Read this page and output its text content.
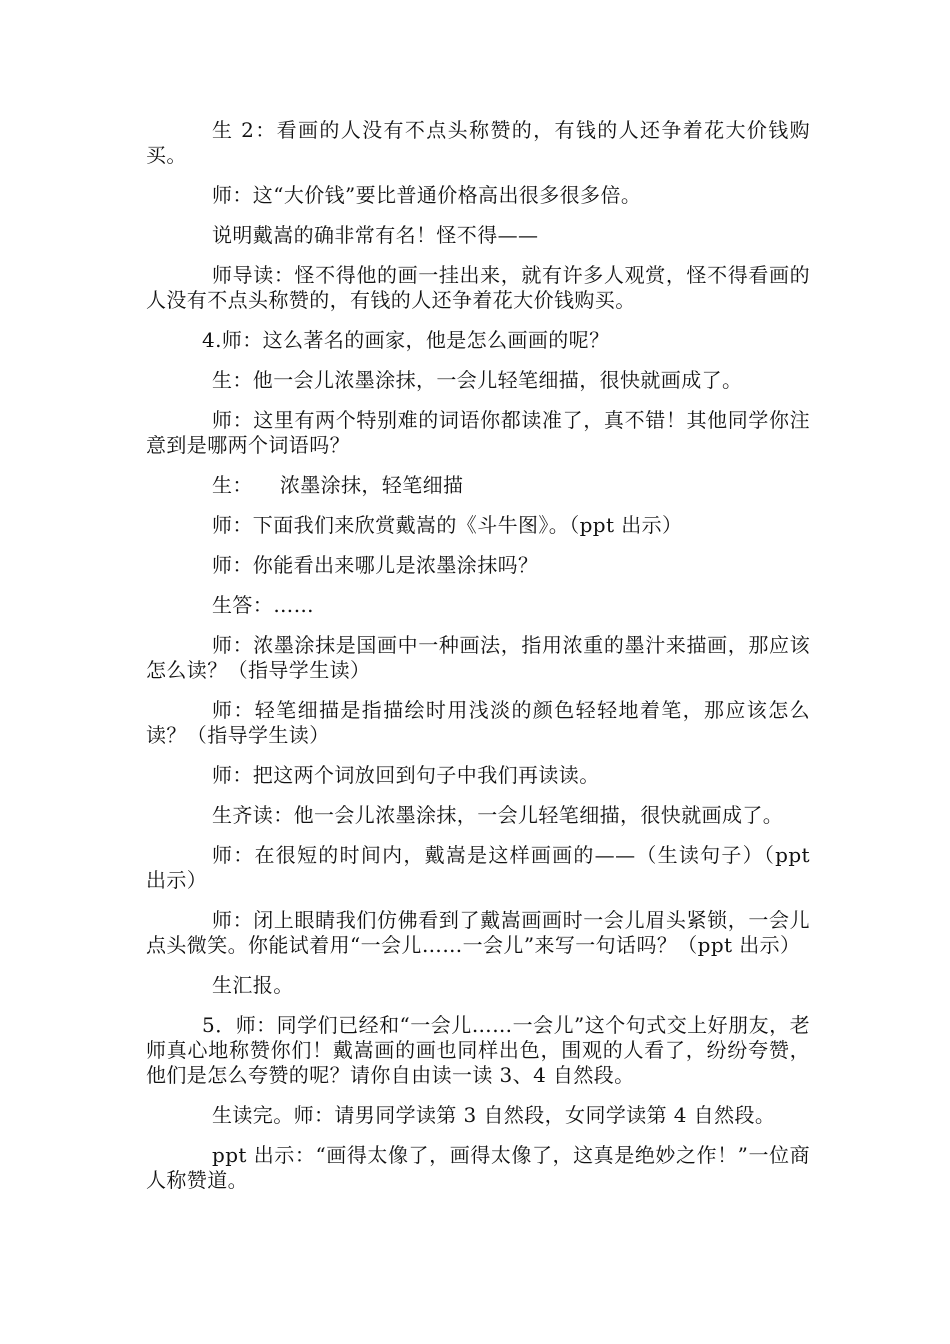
生 2：看画的人没有不点头称赞的，有钱的人还争着花大价钱购买。

师：这“大价钱”要比普通价格高出很多很多倍。

说明戴嵩的确非常有名！怪不得——

师导读：怪不得他的画一挂出来，就有许多人观赏，怪不得看画的人没有不点头称赞的，有钱的人还争着花大价钱购买。

4.师：这么著名的画家，他是怎么画画的呢？

生：他一会儿浓墨涂抹，一会儿轻笔细描，很快就画成了。

师：这里有两个特别难的词语你都读准了，真不错！其他同学你注意到是哪两个词语吗？

生：    浓墨涂抹，轻笔细描

师：下面我们来欣赏戴嵩的《斗牛图》。（ppt 出示）

师：你能看出来哪儿是浓墨涂抹吗？

生答：……

师：浓墨涂抹是国画中一种画法，指用浓重的墨汁来描画，那应该怎么读？（指导学生读）

师：轻笔细描是指描绘时用浅淡的颜色轻轻地着笔，那应该怎么读？（指导学生读）

师：把这两个词放回到句子中我们再读读。

生齐读：他一会儿浓墨涂抹，一会儿轻笔细描，很快就画成了。

师：在很短的时间内，戴嵩是这样画画的——（生读句子）（ppt 出示）

师：闭上眼睛我们仿佛看到了戴嵩画画时一会儿眉头紧锁，一会儿点头微笑。你能试着用“一会儿……一会儿”来写一句话吗？（ppt 出示）

生汇报。

5．师：同学们已经和“一会儿……一会儿”这个句式交上好朋友，老师真心地称赞你们！戴嵩画的画也同样出色，围观的人看了，纷纷夸赞，他们是怎么夸赞的呢？请你自由读一读 3、4 自然段。

生读完。师：请男同学读第 3 自然段，女同学读第 4 自然段。

ppt 出示：“画得太像了，画得太像了，这真是绝妙之作！”一位商人称赞道。
